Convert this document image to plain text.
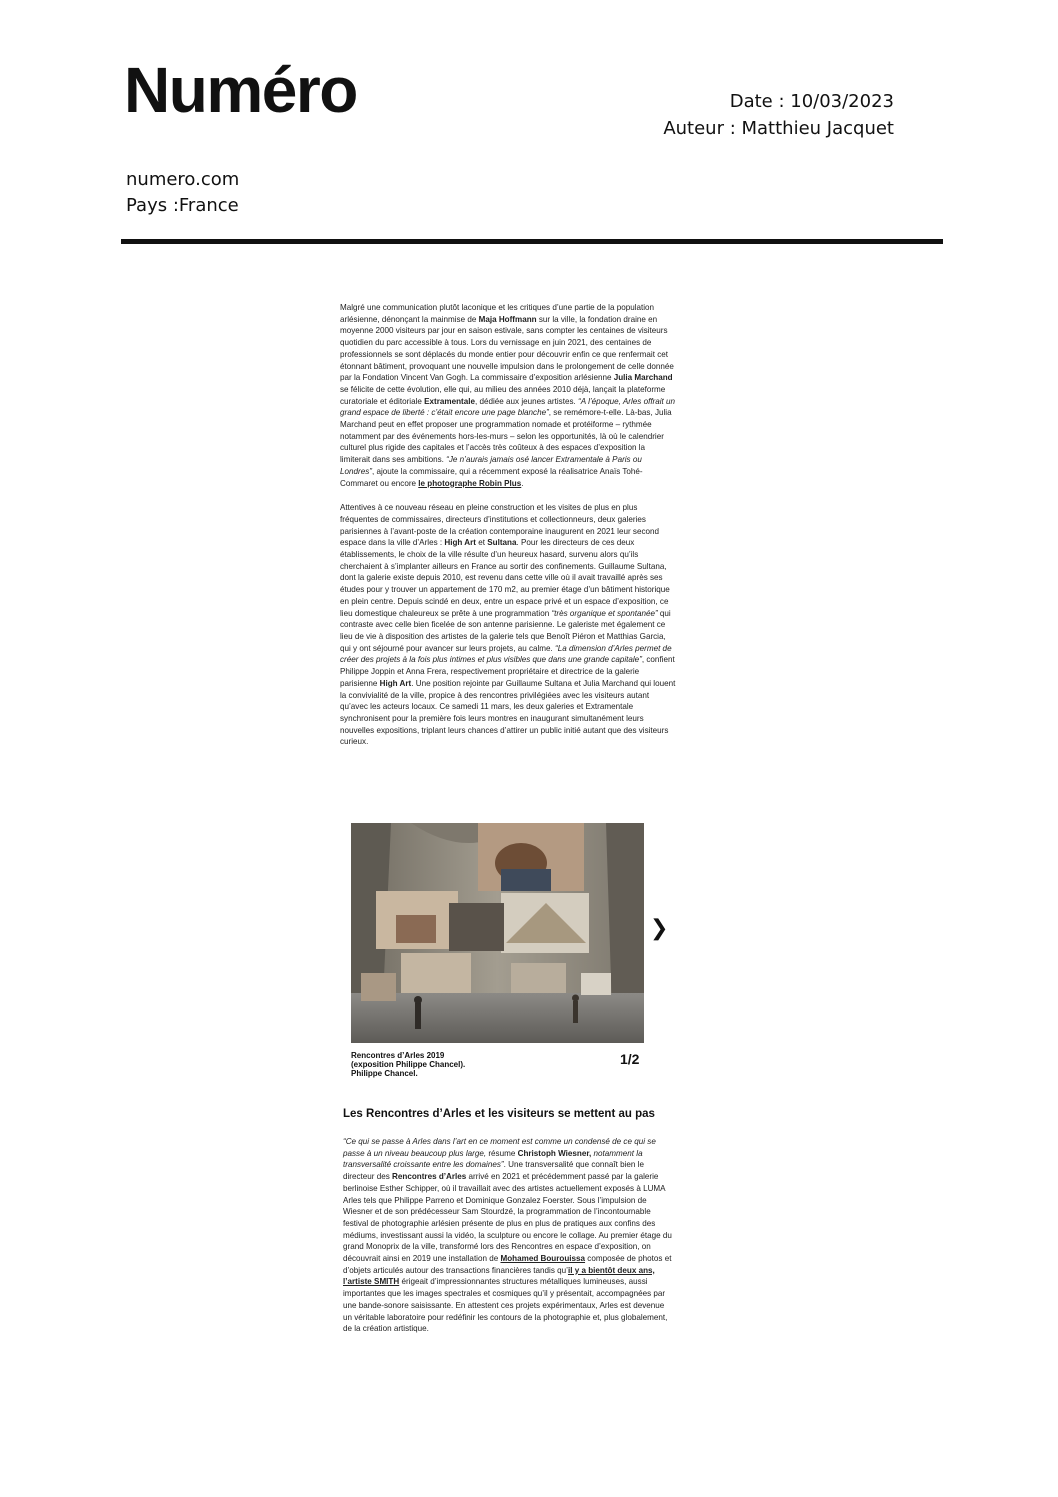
Numéro	Date : 10/03/2023
Auteur : Matthieu Jacquet
numero.com
Pays :France

Malgré une communication plutôt laconique et les critiques d’une partie de la population arlésienne, dénonçant la mainmise de Maja Hoffmann sur la ville, la fondation draine en moyenne 2000 visiteurs par jour en saison estivale, sans compter les centaines de visiteurs quotidien du parc accessible à tous. Lors du vernissage en juin 2021, des centaines de professionnels se sont déplacés du monde entier pour découvrir enfin ce que renfermait cet étonnant bâtiment, provoquant une nouvelle impulsion dans le prolongement de celle donnée par la Fondation Vincent Van Gogh. La commissaire d’exposition arlésienne Julia Marchand se félicite de cette évolution, elle qui, au milieu des années 2010 déjà, lançait la plateforme curatoriale et éditoriale Extramentale, dédiée aux jeunes artistes. “A l’époque, Arles offrait un grand espace de liberté : c’était encore une page blanche”, se remémore-t-elle. Là-bas, Julia Marchand peut en effet proposer une programmation nomade et protéiforme – rythmée notamment par des événements hors-les-murs – selon les opportunités, là où le calendrier culturel plus rigide des capitales et l’accès très coûteux à des espaces d’exposition la limiterait dans ses ambitions. “Je n’aurais jamais osé lancer Extramentale à Paris ou Londres”, ajoute la commissaire, qui a récemment exposé la réalisatrice Anaïs Tohé-Commaret ou encore le photographe Robin Plus.

Attentives à ce nouveau réseau en pleine construction et les visites de plus en plus fréquentes de commissaires, directeurs d’institutions et collectionneurs, deux galeries parisiennes à l’avant-poste de la création contemporaine inaugurent en 2021 leur second espace dans la ville d’Arles : High Art et Sultana. Pour les directeurs de ces deux établissements, le choix de la ville résulte d’un heureux hasard, survenu alors qu’ils cherchaient à s’implanter ailleurs en France au sortir des confinements. Guillaume Sultana, dont la galerie existe depuis 2010, est revenu dans cette ville où il avait travaillé après ses études pour y trouver un appartement de 170 m2, au premier étage d’un bâtiment historique en plein centre. Depuis scindé en deux, entre un espace privé et un espace d’exposition, ce lieu domestique chaleureux se prête à une programmation “très organique et spontanée” qui contraste avec celle bien ficelée de son antenne parisienne. Le galeriste met également ce lieu de vie à disposition des artistes de la galerie tels que Benoît Piéron et Matthias Garcia, qui y ont séjourné pour avancer sur leurs projets, au calme. “La dimension d’Arles permet de créer des projets à la fois plus intimes et plus visibles que dans une grande capitale”, confient Philippe Joppin et Anna Frera, respectivement propriétaire et directrice de la galerie parisienne High Art. Une position rejointe par Guillaume Sultana et Julia Marchand qui louent la convivialité de la ville, propice à des rencontres privilégiées avec les visiteurs autant qu’avec les acteurs locaux. Ce samedi 11 mars, les deux galeries et Extramentale synchronisent pour la première fois leurs montres en inaugurant simultanément leurs nouvelles expositions, triplant leurs chances d’attirer un public initié autant que des visiteurs curieux.

❯
Rencontres d’Arles 2019
(exposition Philippe Chancel).
Philippe Chancel.
1/2
Les Rencontres d’Arles et les visiteurs se mettent au pas

“Ce qui se passe à Arles dans l’art en ce moment est comme un condensé de ce qui se passe à un niveau beaucoup plus large, résume Christoph Wiesner, notamment la transversalité croissante entre les domaines”. Une transversalité que connaît bien le directeur des Rencontres d’Arles arrivé en 2021 et précédemment passé par la galerie berlinoise Esther Schipper, où il travaillait avec des artistes actuellement exposés à LUMA Arles tels que Philippe Parreno et Dominique Gonzalez Foerster. Sous l’impulsion de Wiesner et de son prédécesseur Sam Stourdzé, la programmation de l’incontournable festival de photographie arlésien présente de plus en plus de pratiques aux confins des médiums, investissant aussi la vidéo, la sculpture ou encore le collage. Au premier étage du grand Monoprix de la ville, transformé lors des Rencontres en espace d’exposition, on découvrait ainsi en 2019 une installation de Mohamed Bourouissa composée de photos et d’objets articulés autour des transactions financières tandis qu’il y a bientôt deux ans, l’artiste SMITH érigeait d’impressionnantes structures métalliques lumineuses, aussi importantes que les images spectrales et cosmiques qu’il y présentait, accompagnées par une bande-sonore saisissante. En attestent ces projets expérimentaux, Arles est devenue un véritable laboratoire pour redéfinir les contours de la photographie et, plus globalement, de la création artistique.
